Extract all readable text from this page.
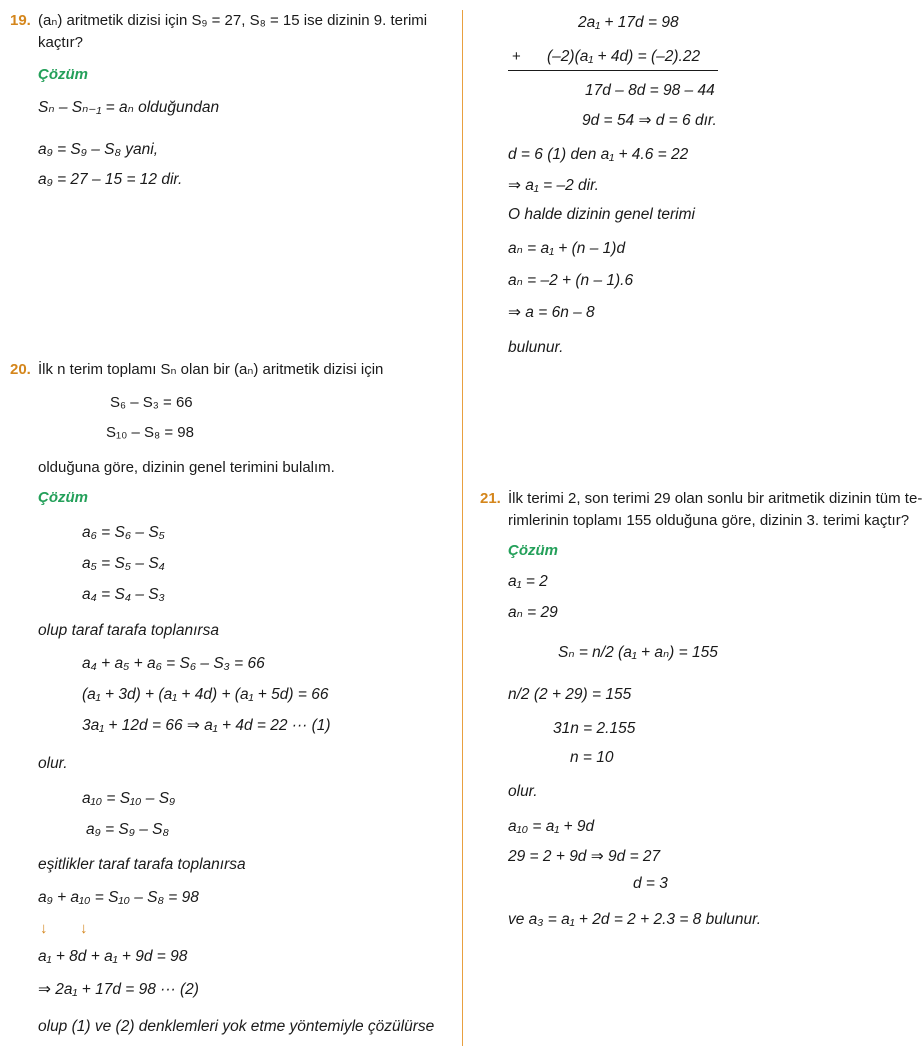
19. (aₙ) aritmetik dizisi için S₉ = 27, S₈ = 15 ise dizinin 9. terimi
kaçtır?
Çözüm
Sₙ – Sₙ₋₁ = aₙ olduğundan
a₉ = S₉ – S₈ yani,
a₉ = 27 – 15 = 12 dir.
20. İlk n terim toplamı Sₙ olan bir (aₙ) aritmetik dizisi için
S₆ – S₃ = 66
S₁₀ – S₈ = 98
olduğuna göre, dizinin genel terimini bulalım.
Çözüm
a₆ = S₆ – S₅
a₅ = S₅ – S₄
a₄ = S₄ – S₃
olup taraf tarafa toplanırsa
a₄ + a₅ + a₆ = S₆ – S₃ = 66
(a₁ + 3d) + (a₁ + 4d) + (a₁ + 5d) = 66
3a₁ + 12d = 66 ⇒ a₁ + 4d = 22 ··· (1)
olur.
a₁₀ = S₁₀ – S₉
a₉ = S₉ – S₈
eşitlikler taraf tarafa toplanırsa
a₉ + a₁₀ = S₁₀ – S₈ = 98
↓ ↓
a₁ + 8d + a₁ + 9d = 98
⇒ 2a₁ + 17d = 98 ··· (2)
olup (1) ve (2) denklemleri yok etme yöntemiyle çözülürse
2a₁ + 17d = 98
+ (–2)(a₁ + 4d) = (–2).22
17d – 8d = 98 – 44
9d = 54 ⇒ d = 6 dır.
d = 6 (1) den a₁ + 4.6 = 22
⇒ a₁ = –2 dir.
O halde dizinin genel terimi
aₙ = a₁ + (n – 1)d
aₙ = –2 + (n – 1).6
⇒ a = 6n – 8
bulunur.
21. İlk terimi 2, son terimi 29 olan sonlu bir aritmetik dizinin tüm te-
rimlerinin toplamı 155 olduğuna göre, dizinin 3. terimi kaçtır?
Çözüm
a₁ = 2
aₙ = 29
Sₙ = n/2 (a₁ + aₙ) = 155
n/2 (2 + 29) = 155
31n = 2.155
n = 10
olur.
a₁₀ = a₁ + 9d
29 = 2 + 9d ⇒ 9d = 27
d = 3
ve a₃ = a₁ + 2d = 2 + 2.3 = 8 bulunur.
